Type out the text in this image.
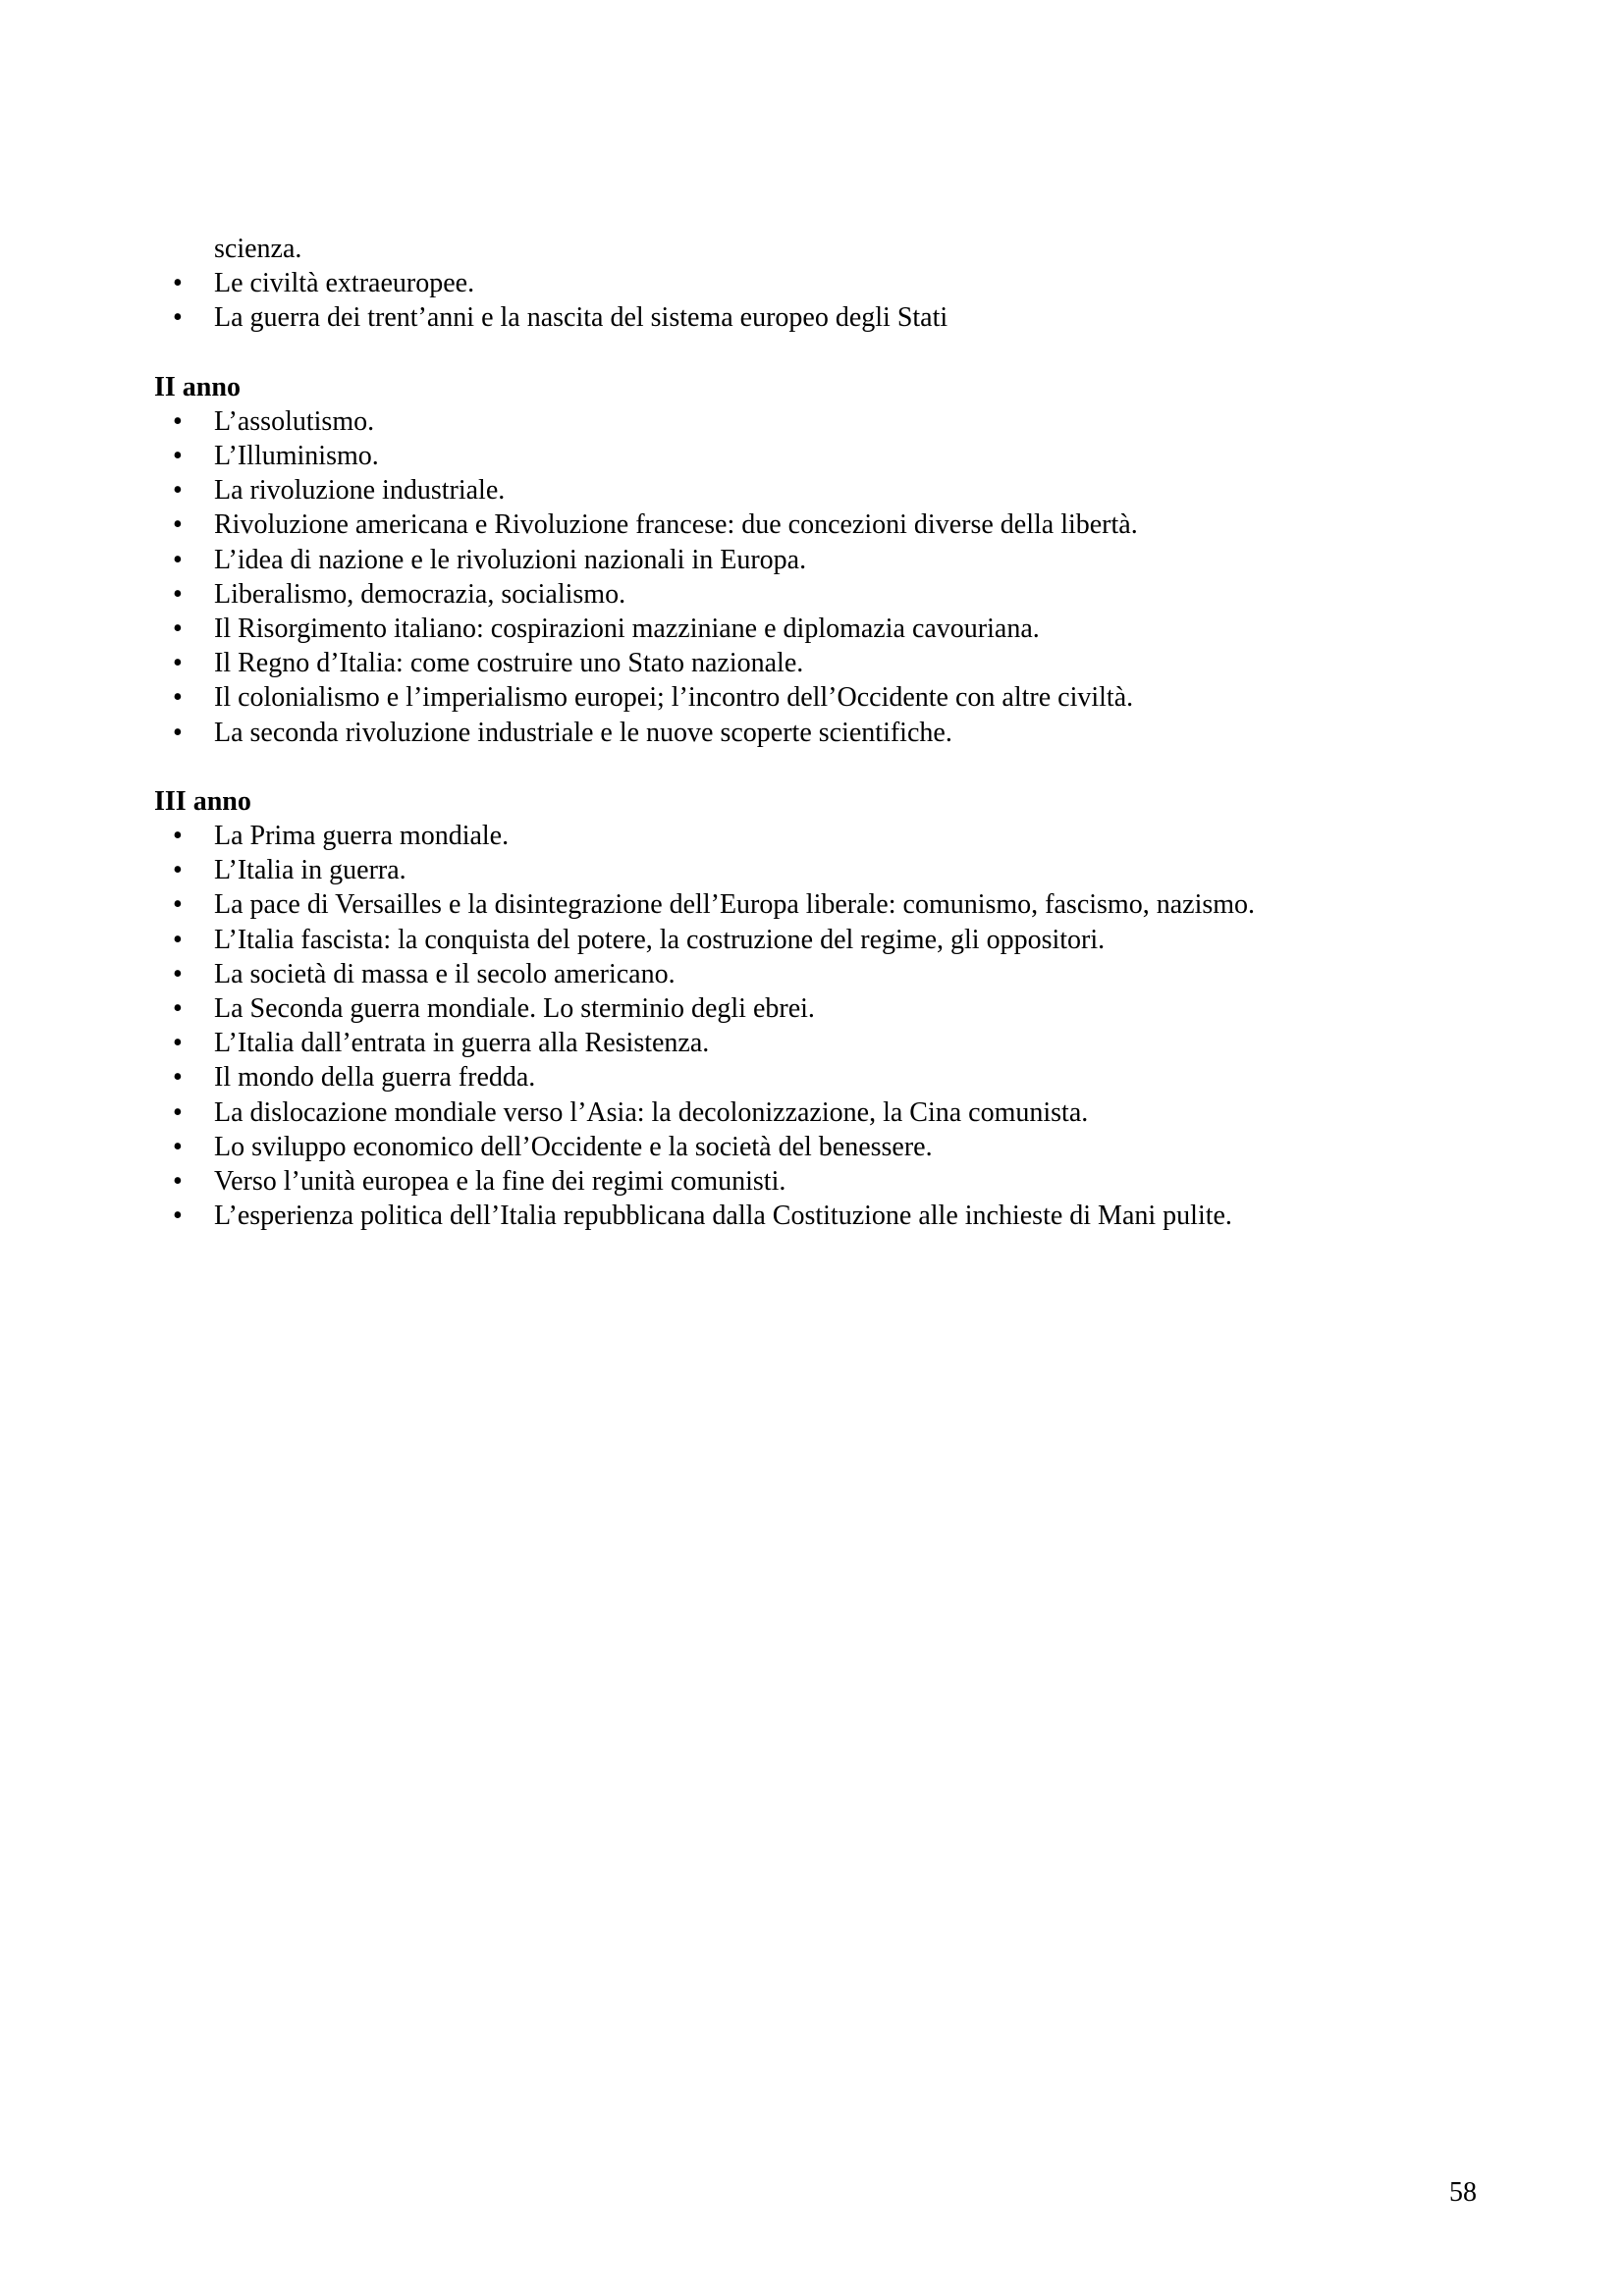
scienza.
• Le civiltà extraeuropee.
• La guerra dei trent’anni e la nascita del sistema europeo degli Stati
II anno
• L’assolutismo.
• L’Illuminismo.
• La rivoluzione industriale.
• Rivoluzione americana e Rivoluzione francese: due concezioni diverse della libertà.
• L’idea di nazione e le rivoluzioni nazionali in Europa.
• Liberalismo, democrazia, socialismo.
• Il Risorgimento italiano: cospirazioni mazziniane e diplomazia cavouriana.
• Il Regno d’Italia: come costruire uno Stato nazionale.
• Il colonialismo e l’imperialismo europei; l’incontro dell’Occidente con altre civiltà.
• La seconda rivoluzione industriale e le nuove scoperte scientifiche.
III anno
• La Prima guerra mondiale.
• L’Italia in guerra.
• La pace di Versailles e la disintegrazione dell’Europa liberale: comunismo, fascismo, nazismo.
• L’Italia fascista: la conquista del potere, la costruzione del regime, gli oppositori.
• La società di massa e il secolo americano.
• La Seconda guerra mondiale. Lo sterminio degli ebrei.
• L’Italia dall’entrata in guerra alla Resistenza.
• Il mondo della guerra fredda.
• La dislocazione mondiale verso l’Asia: la decolonizzazione, la Cina comunista.
• Lo sviluppo economico dell’Occidente e la società del benessere.
• Verso l’unità europea e la fine dei regimi comunisti.
• L’esperienza politica dell’Italia repubblicana dalla Costituzione alle inchieste di Mani pulite.
58
